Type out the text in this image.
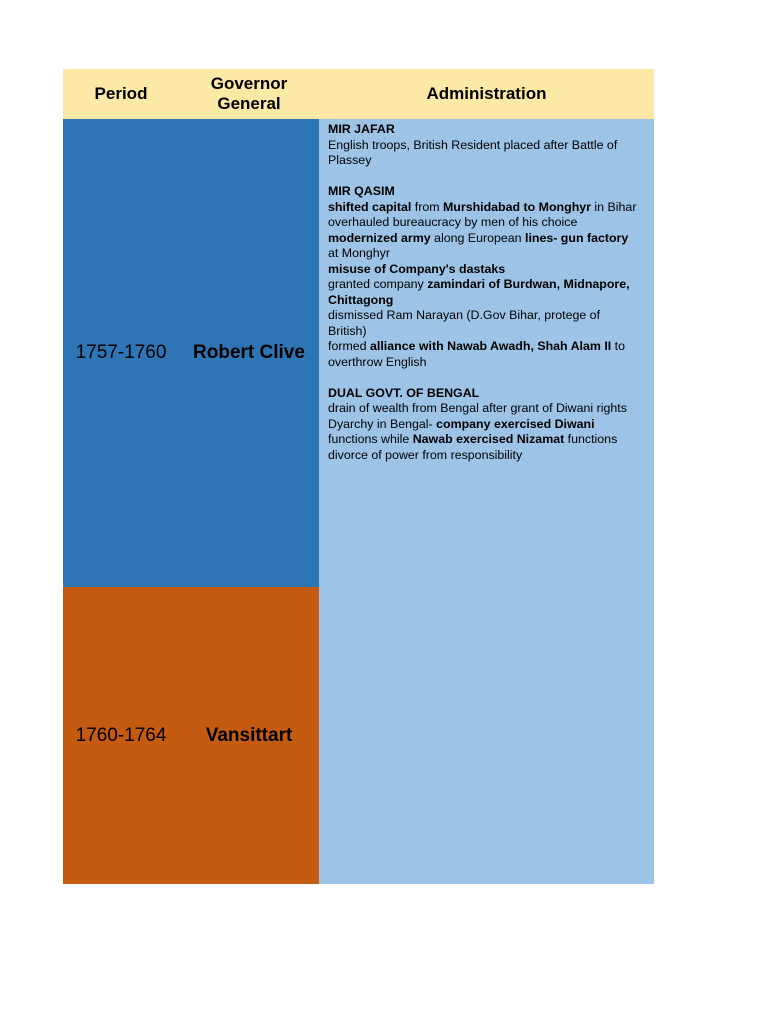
Period
Governor General
Administration
1757-1760	Robert Clive
1760-1764	Vansittart
MIR JAFAR
English troops, British Resident placed after Battle of Plassey
MIR QASIM
shifted capital from Murshidabad to Monghyr in Bihar
overhauled bureaucracy by men of his choice
modernized army along European lines- gun factory at Monghyr
misuse of Company's dastaks
granted company zamindari of Burdwan, Midnapore, Chittagong
dismissed Ram Narayan (D.Gov Bihar, protege of British)
formed alliance with Nawab Awadh, Shah Alam II to overthrow English
DUAL GOVT. OF BENGAL
drain of wealth from Bengal after grant of Diwani rights
Dyarchy in Bengal- company exercised Diwani functions while Nawab exercised Nizamat functions
divorce of power from responsibility
